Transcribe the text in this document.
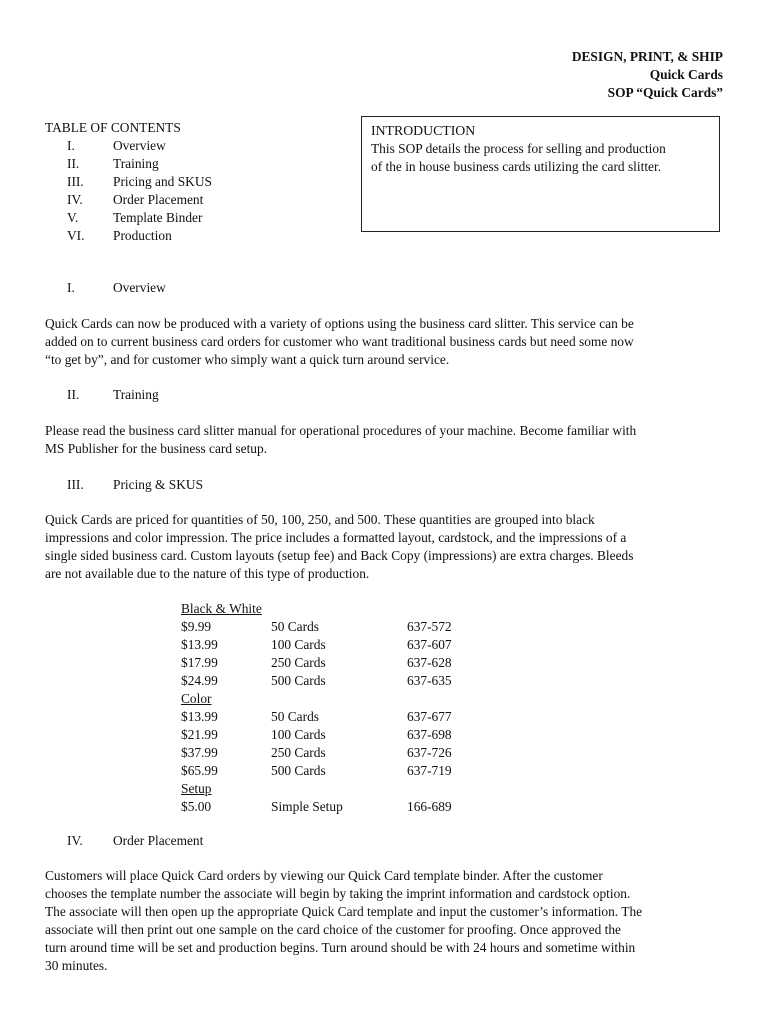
DESIGN, PRINT, & SHIP
Quick Cards
SOP “Quick Cards”
TABLE OF CONTENTS
I.	Overview
II.	Training
III. Pricing and SKUS
IV. Order Placement
V.	Template Binder
VI. Production
INTRODUCTION
This SOP details the process for selling and production
of the in house business cards utilizing the card slitter.
I.	Overview
Quick Cards can now be produced with a variety of options using the business card slitter. This service can be
added on to current business card orders for customer who want traditional business cards but need some now
“to get by”, and for customer who simply want a quick turn around service.
II.	Training
Please read the business card slitter manual for operational procedures of your machine. Become familiar with
MS Publisher for the business card setup.
III. Pricing & SKUS
Quick Cards are priced for quantities of 50, 100, 250, and 500. These quantities are grouped into black
impressions and color impression. The price includes a formatted layout, cardstock, and the impressions of a
single sided business card. Custom layouts (setup fee) and Back Copy (impressions) are extra charges. Bleeds
are not available due to the nature of this type of production.
Black & White
$9.99	50 Cards	637-572
$13.99	100 Cards	637-607
$17.99	250 Cards	637-628
$24.99	500 Cards	637-635
Color
$13.99	50 Cards	637-677
$21.99	100 Cards	637-698
$37.99	250 Cards	637-726
$65.99	500 Cards	637-719
Setup
$5.00	Simple Setup	166-689
IV. Order Placement
Customers will place Quick Card orders by viewing our Quick Card template binder. After the customer
chooses the template number the associate will begin by taking the imprint information and cardstock option.
The associate will then open up the appropriate Quick Card template and input the customer’s information. The
associate will then print out one sample on the card choice of the customer for proofing. Once approved the
turn around time will be set and production begins. Turn around should be with 24 hours and sometime within
30 minutes.
